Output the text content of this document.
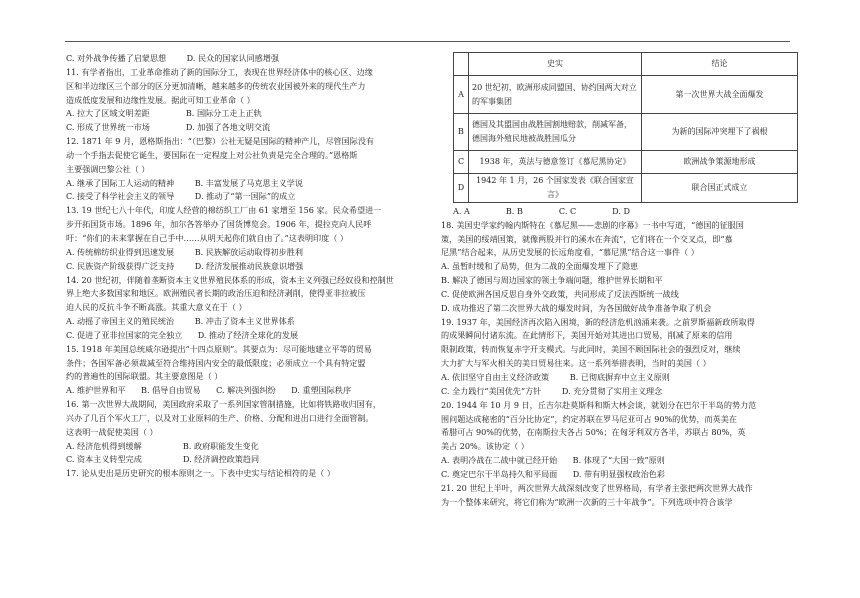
C. 对外战争传播了启蒙思想        D. 民众的国家认同感增强
11. 有学者指出，工业革命推动了新的国际分工，表现在世界经济体中的核心区、边缘
区和半边缘区三个部分的区分更加清晰，越来越多的传统农业国被外来的现代生产力
造成低度发展和边缘性发展。据此可知工业革命（ ）
A. 拉大了区域文明差距              B. 国际分工走上正轨
C. 形成了世界统一市场              D. 加强了各地文明交流
12. 1871 年 9 月，恩格斯指出：“（巴黎）公社无疑是国际的精神产儿，尽管国际没有
动一个手指去促使它诞生，要国际在一定程度上对公社负责是完全合理的。”恩格斯
主要强调巴黎公社（ ）
A. 继承了国际工人运动的精神        B. 丰富发展了马克思主义学说
C. 接受了科学社会主义的领导        D. 推动了“第一国际”的成立
13. 19 世纪七八十年代，印度人经营的棉纺织工厂由 61 家增至 156 家。民众希望进一
步开拓国货市场。1896 年，加尔各答举办了国货博览会。1906 年，提拉克向人民呼
吁：“你们的未来掌握在自己手中……从明天起你们就自由了。”这表明印度（ ）
A. 传统棉纺织业得到迅速发展        B. 民族解放运动取得初步胜利
C. 民族资产阶级获得广泛支持        D. 经济发展推动民族意识增强
14. 20 世纪初，伴随着垄断资本主义世界殖民体系的形成，资本主义列强已经奴役和控制世
界上绝大多数国家和地区。欧洲殖民者长期的政治压迫和经济剥削，使得亚非拉被压
迫人民的反抗斗争不断高涨。其重大意义在于（ ）
A. 动摇了帝国主义的殖民统治        B. 冲击了资本主义世界体系
C. 促进了亚非拉国家的完全独立      D. 推动了经济全球化的发展
15. 1918 年美国总统威尔逊提出“十四点原则”。其要点为：尽可能地建立平等的贸易
条件；各国军备必须裁减至符合维持国内安全的最低限度；必须成立一个具有特定盟
约的普遍性的国际联盟。其主要意图是（ ）
A. 维护世界和平      B. 倡导自由贸易      C. 解决列强纠纷      D. 重塑国际秩序
16. 第一次世界大战期间，美国政府采取了一系列国家管制措施，比如将铁路收归国有，
兴办了几百个军火工厂，以及对工业原料的生产、价格、分配和进出口进行全面管制。
这表明一战促使美国（ ）
A. 经济危机得到缓解                B. 政府职能发生变化
C. 资本主义转型完成                D. 经济调控政策趋同
17. 论从史出是历史研究的根本原则之一。下表中史实与结论相符的是（ ）
	史实	结论
A	20 世纪初，欧洲形成同盟国、协约国两大对立的军事集团	第一次世界大战全面爆发
B	德国及其盟国由战胜国割地赔款，削减军备，德国海外殖民地被战胜国瓜分	为新的国际冲突埋下了祸根
C	1938 年，英法与德意签订《慕尼黑协定》	欧洲战争策源地形成
D	1942 年 1 月，26 个国家发表《联合国家宣言》	联合国正式成立
A. A              B. B              C. C              D. D
18. 美国史学家约翰内斯特在《慕尼黑——悲剧的序幕》一书中写道，“德国的征服国
策，美国的绥靖国策，就像两股并行的溪水在奔流”，它们将在一个交叉点，即“慕
尼黑”结合起来，从历史发展的长远角度看，“慕尼黑”结合这一事件（ ）
A. 虽暂时缓和了局势，但为二战的全面爆发埋下了隐患
B. 解决了德国与周边国家的领土争端问题，维护世界长期和平
C. 促使欧洲各国反思自身外交政策，共同形成了反法西斯统一战线
D. 成功推迟了第二次世界大战的爆发时间，为各国做好战争准备争取了机会
19. 1937 年，美国经济再次陷入困境，新的经济危机汹涌来袭。之前罗斯福新政所取得
的成果瞬间付诸东流。在此情形下，美国开始对其进出口贸易，削减了原来的信用
限制政策，转而恢复赤字开支模式。与此同时，美国不顾国际社会的强烈反对，继续
大力扩大与军火相关的美日贸易往来。这一系列举措表明，当时的美国（ ）
A. 依旧坚守自由主义经济政策        B. 已彻底摒弃中立主义原则
C. 全力践行“美国优先”方针        D. 充分贯彻了实用主义理念
20. 1944 年 10 月 9 日，丘吉尔赴莫斯科和斯大林会谈，就划分在巴尔干半岛的势力范
围问题达成秘密的“百分比协定”，约定苏联在罗马尼亚可占 90%的优势，而英美在
希腊可占 90%的优势，在南斯拉夫各占 50%；在匈牙利双方各半，苏联占 80%，英
美占 20%。该协定（ ）
A. 表明冷战在二战中就已经开始      B. 体现了“大国一致”原则
C. 奠定巴尔干半岛持久和平局面      D. 带有明显强权政治色彩
21. 20 世纪上半叶，两次世界大战深刻改变了世界格局，有学者主张把两次世界大战作
为一个整体来研究，将它们称为“欧洲一次新的三十年战争”。下列选项中符合该学
